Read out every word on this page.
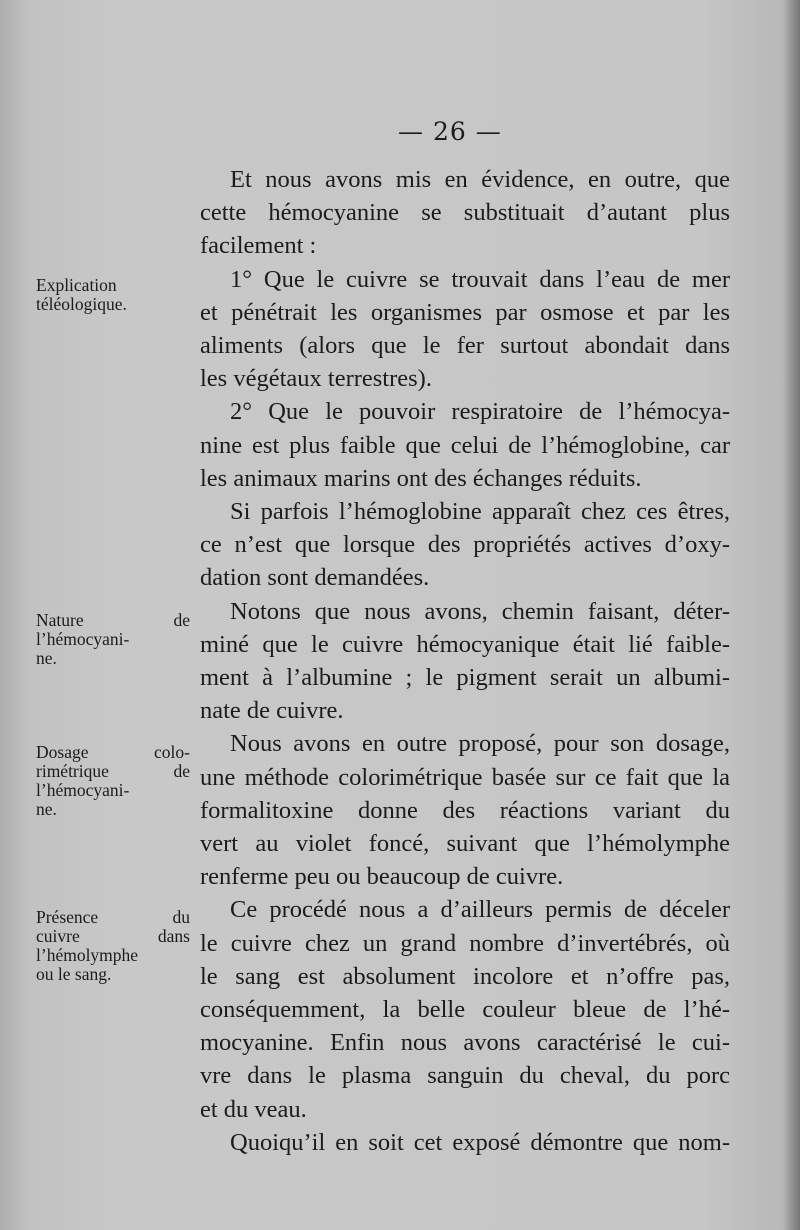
— 26 —
Explication
téléologique.
Nature de
l’hémocyani-
ne.
Dosage colo-
rimétrique de
l’hémocyani-
ne.
Présence du
cuivre dans
l’hémolymphe
ou le sang.

Et nous avons mis en évidence, en outre, que

cette hémocyanine se substituait d’autant plus

facilement :

1° Que le cuivre se trouvait dans l’eau de mer

et pénétrait les organismes par osmose et par les

aliments (alors que le fer surtout abondait dans

les végétaux terrestres).

2° Que le pouvoir respiratoire de l’hémocya-

nine est plus faible que celui de l’hémoglobine, car

les animaux marins ont des échanges réduits.

Si parfois l’hémoglobine apparaît chez ces êtres,

ce n’est que lorsque des propriétés actives d’oxy-

dation sont demandées.

Notons que nous avons, chemin faisant, déter-

miné que le cuivre hémocyanique était lié faible-

ment à l’albumine ; le pigment serait un albumi-

nate de cuivre.

Nous avons en outre proposé, pour son dosage,

une méthode colorimétrique basée sur ce fait que la

formalitoxine donne des réactions variant du

vert au violet foncé, suivant que l’hémolymphe

renferme peu ou beaucoup de cuivre.

Ce procédé nous a d’ailleurs permis de déceler

le cuivre chez un grand nombre d’invertébrés, où

le sang est absolument incolore et n’offre pas,

conséquemment, la belle couleur bleue de l’hé-

mocyanine. Enfin nous avons caractérisé le cui-

vre dans le plasma sanguin du cheval, du porc

et du veau.

Quoiqu’il en soit cet exposé démontre que nom-
